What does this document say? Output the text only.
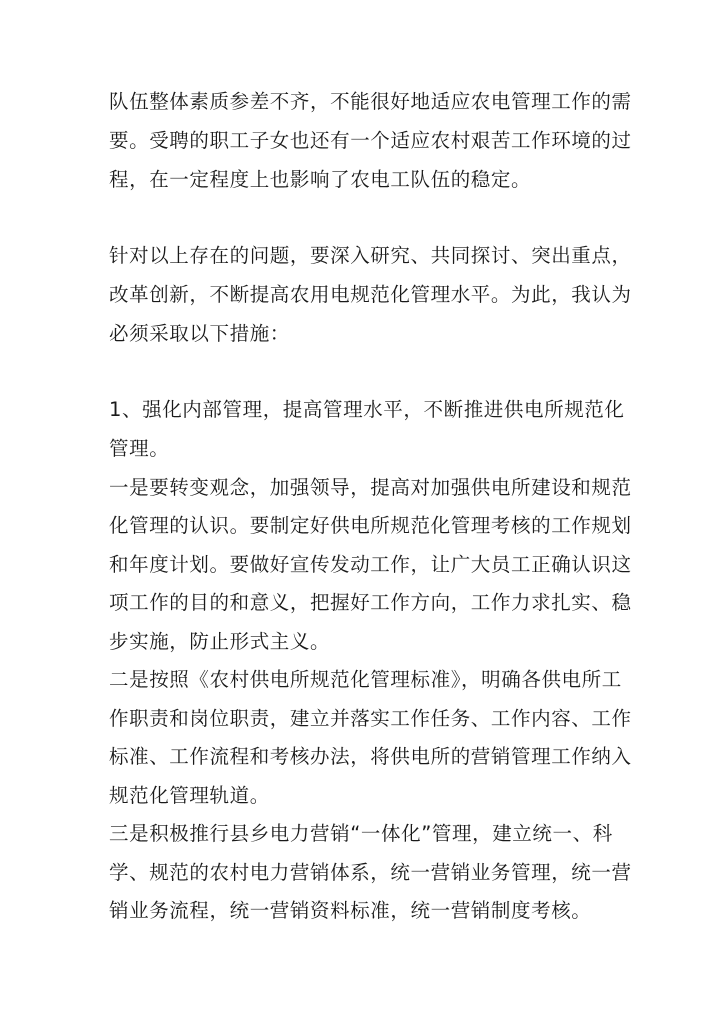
队伍整体素质参差不齐，不能很好地适应农电管理工作的需

要。受聘的职工子女也还有一个适应农村艰苦工作环境的过

程，在一定程度上也影响了农电工队伍的稳定。

针对以上存在的问题，要深入研究、共同探讨、突出重点，

改革创新，不断提高农用电规范化管理水平。为此，我认为

必须采取以下措施：

1、强化内部管理，提高管理水平，不断推进供电所规范化

管理。

一是要转变观念，加强领导，提高对加强供电所建设和规范

化管理的认识。要制定好供电所规范化管理考核的工作规划

和年度计划。要做好宣传发动工作，让广大员工正确认识这

项工作的目的和意义，把握好工作方向，工作力求扎实、稳

步实施，防止形式主义。

二是按照《农村供电所规范化管理标准》，明确各供电所工

作职责和岗位职责，建立并落实工作任务、工作内容、工作

标准、工作流程和考核办法，将供电所的营销管理工作纳入

规范化管理轨道。

三是积极推行县乡电力营销“一体化”管理，建立统一、科

学、规范的农村电力营销体系，统一营销业务管理，统一营

销业务流程，统一营销资料标准，统一营销制度考核。
